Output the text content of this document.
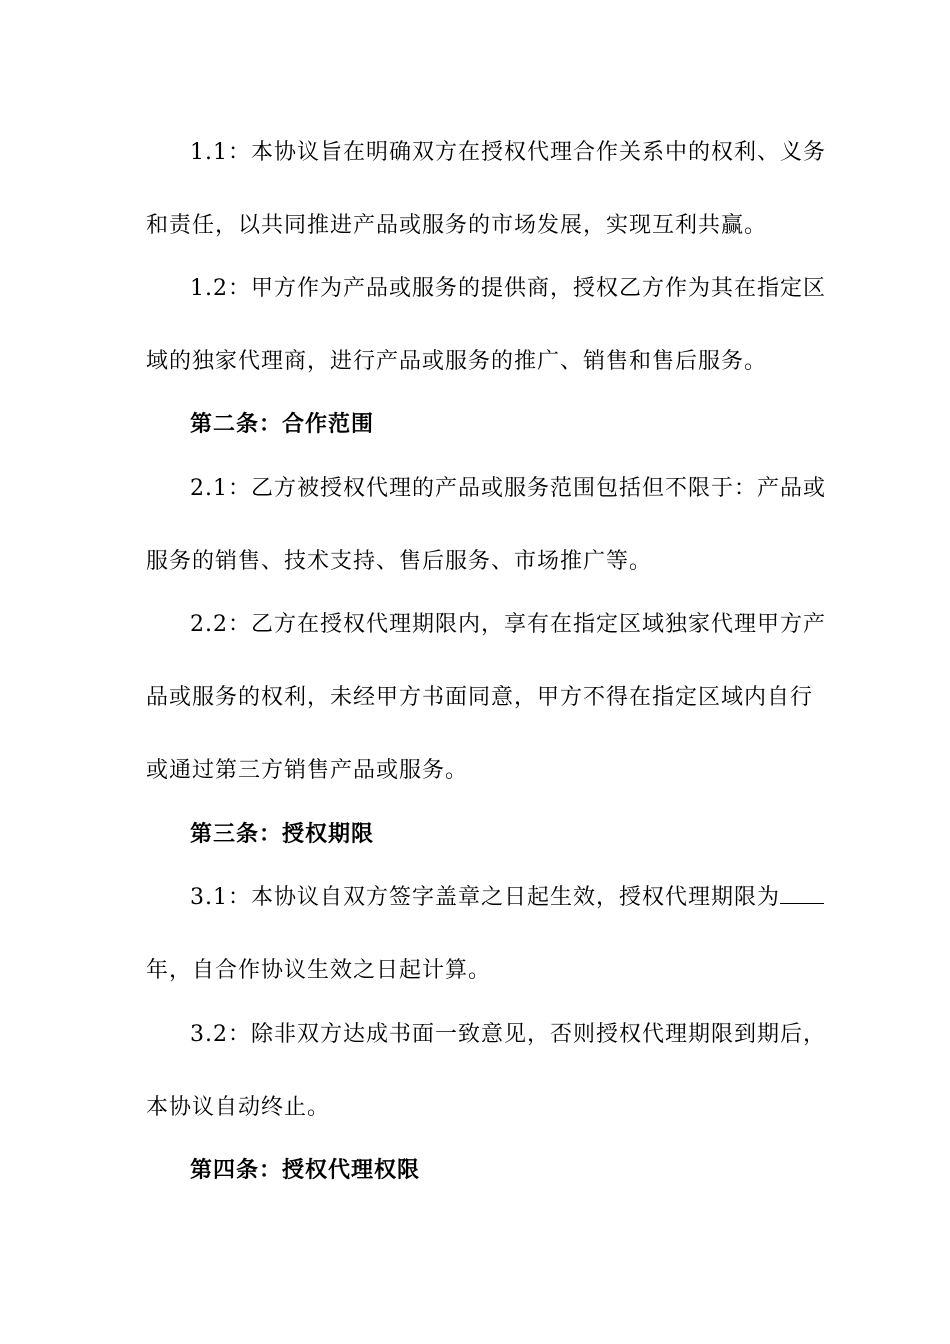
1.1：本协议旨在明确双方在授权代理合作关系中的权利、义务
和责任，以共同推进产品或服务的市场发展，实现互利共赢。
1.2：甲方作为产品或服务的提供商，授权乙方作为其在指定区
域的独家代理商，进行产品或服务的推广、销售和售后服务。
第二条：合作范围
2.1：乙方被授权代理的产品或服务范围包括但不限于：产品或
服务的销售、技术支持、售后服务、市场推广等。
2.2：乙方在授权代理期限内，享有在指定区域独家代理甲方产
品或服务的权利，未经甲方书面同意，甲方不得在指定区域内自行
或通过第三方销售产品或服务。
第三条：授权期限
3.1：本协议自双方签字盖章之日起生效，授权代理期限为
年，自合作协议生效之日起计算。
3.2：除非双方达成书面一致意见，否则授权代理期限到期后，
本协议自动终止。
第四条：授权代理权限
